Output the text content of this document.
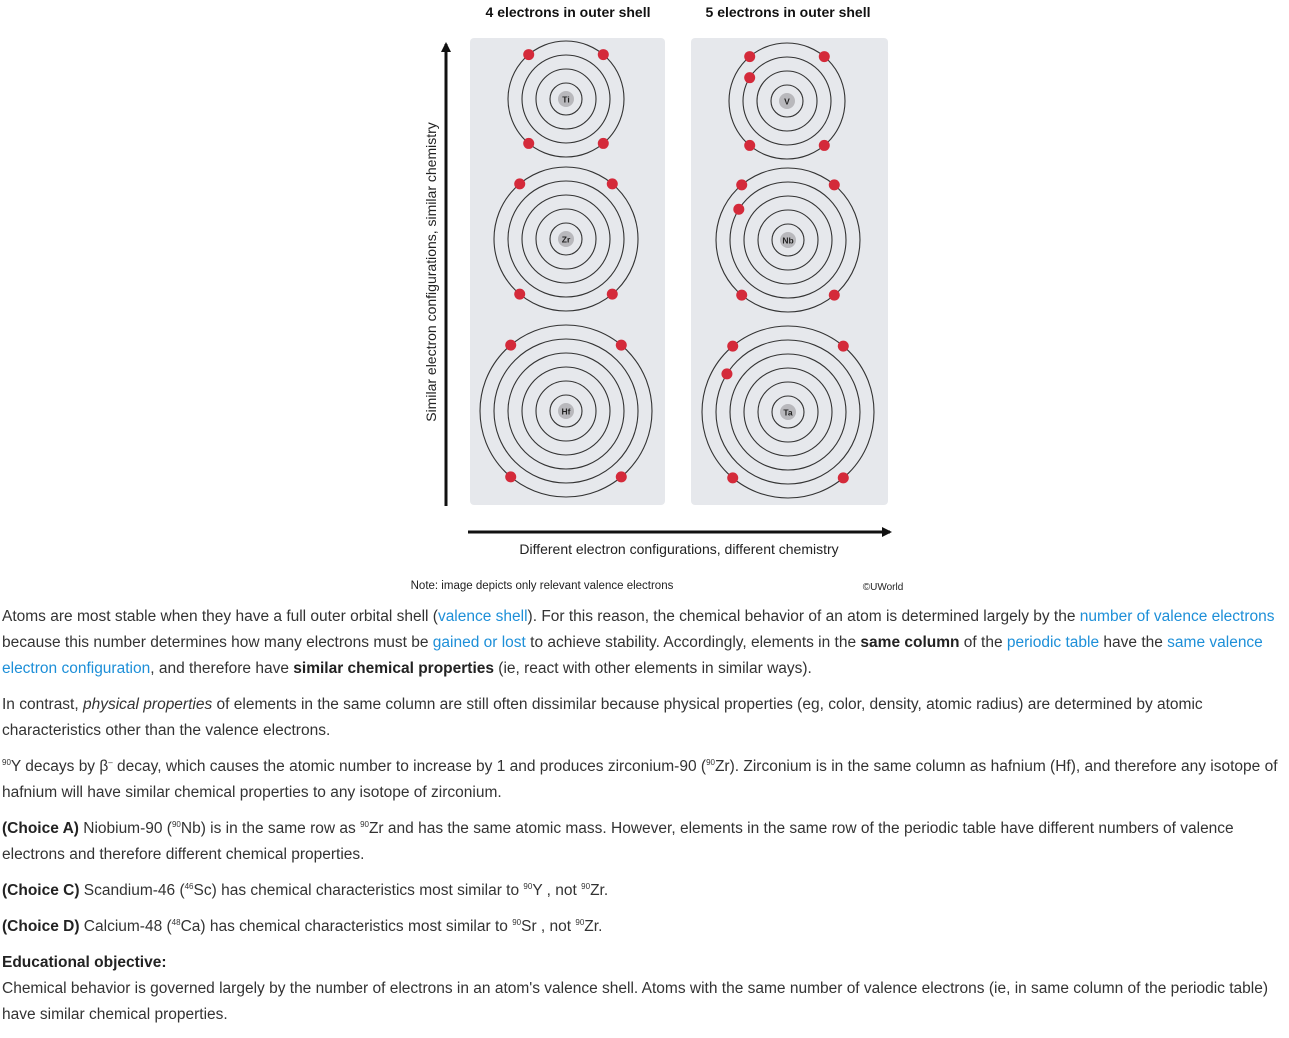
4 electrons in outer shell	5 electrons in outer shell
Ti
Zr
Hf
V
Nb
Ta
Similar electron configurations, similar chemistry
Different electron configurations, different chemistry
Note: image depicts only relevant valence electrons	©UWorld

Atoms are most stable when they have a full outer orbital shell (valence shell). For this reason, the chemical behavior of an atom is determined largely by the number of valence electrons because this number determines how many electrons must be gained or lost to achieve stability. Accordingly, elements in the same column of the periodic table have the same valence electron configuration, and therefore have similar chemical properties (ie, react with other elements in similar ways).

In contrast, physical properties of elements in the same column are still often dissimilar because physical properties (eg, color, density, atomic radius) are determined by atomic characteristics other than the valence electrons.

$^{90}$Y decays by β– decay, which causes the atomic number to increase by 1 and produces zirconium-90 ($^{90}$Zr). Zirconium is in the same column as hafnium (Hf), and therefore any isotope of hafnium will have similar chemical properties to any isotope of zirconium.

(Choice A) Niobium-90 ($^{90}$Nb) is in the same row as $^{90}$Zr and has the same atomic mass. However, elements in the same row of the periodic table have different numbers of valence electrons and therefore different chemical properties.

(Choice C) Scandium-46 ($^{46}$Sc) has chemical characteristics most similar to $^{90}$Y , not $^{90}$Zr.

(Choice D) Calcium-48 ($^{48}$Ca) has chemical characteristics most similar to $^{90}$Sr , not $^{90}$Zr.

Educational objective:

Chemical behavior is governed largely by the number of electrons in an atom's valence shell. Atoms with the same number of valence electrons (ie, in same column of the periodic table) have similar chemical properties.
